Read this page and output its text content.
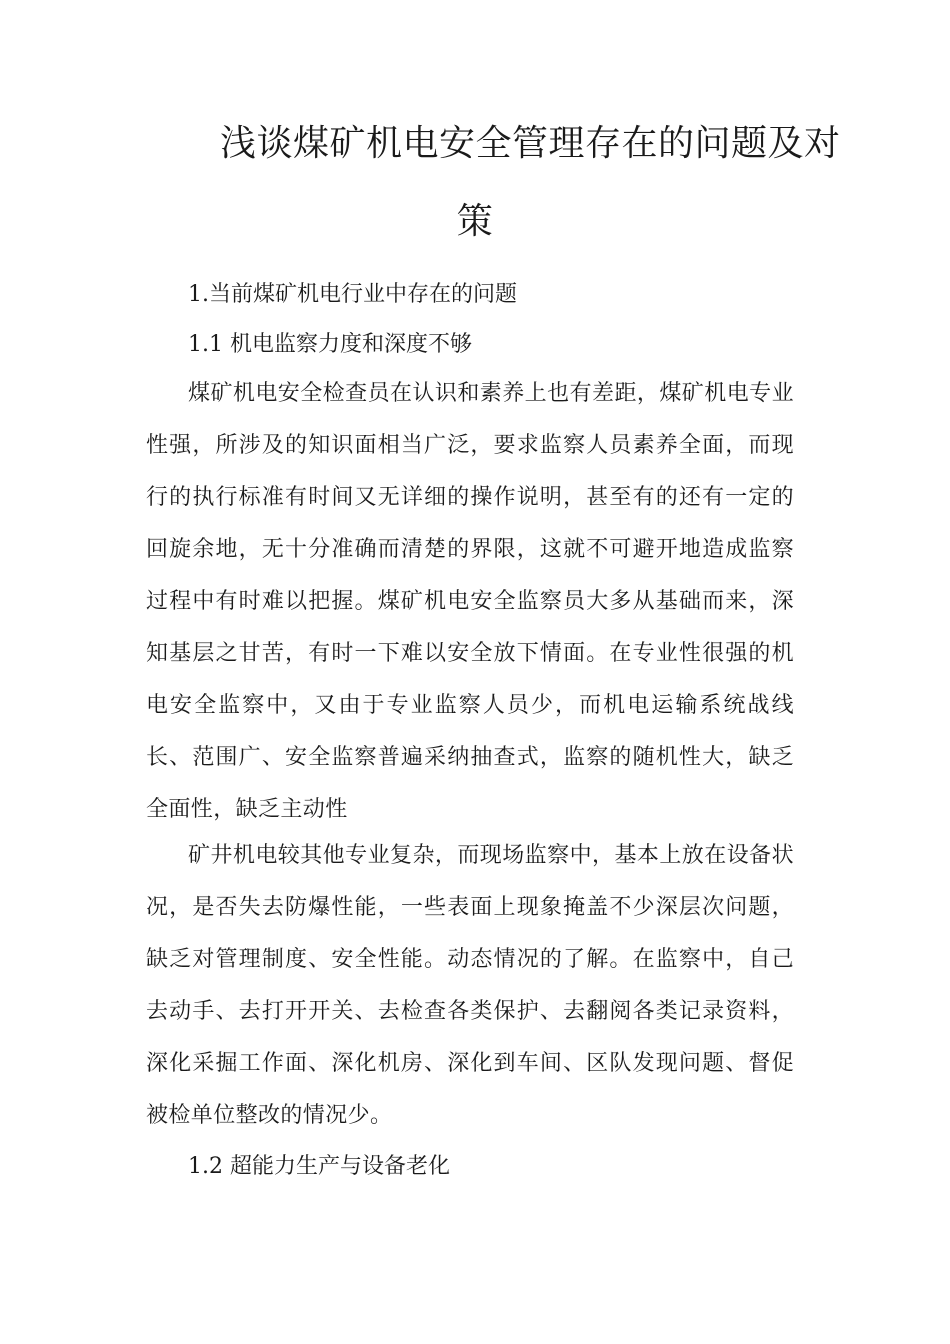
浅谈煤矿机电安全管理存在的问题及对
策
1.当前煤矿机电行业中存在的问题
1.1 机电监察力度和深度不够

煤矿机电安全检查员在认识和素养上也有差距，煤矿机电专业性强，所涉及的知识面相当广泛，要求监察人员素养全面，而现行的执行标准有时间又无详细的操作说明，甚至有的还有一定的回旋余地，无十分准确而清楚的界限，这就不可避开地造成监察过程中有时难以把握。煤矿机电安全监察员大多从基础而来，深知基层之甘苦，有时一下难以安全放下情面。在专业性很强的机电安全监察中，又由于专业监察人员少，而机电运输系统战线长、范围广、安全监察普遍采纳抽查式，监察的随机性大，缺乏全面性，缺乏主动性

矿井机电较其他专业复杂，而现场监察中，基本上放在设备状况，是否失去防爆性能，一些表面上现象掩盖不少深层次问题，缺乏对管理制度、安全性能。动态情况的了解。在监察中，自己去动手、去打开开关、去检查各类保护、去翻阅各类记录资料，深化采掘工作面、深化机房、深化到车间、区队发现问题、督促被检单位整改的情况少。

1.2 超能力生产与设备老化
